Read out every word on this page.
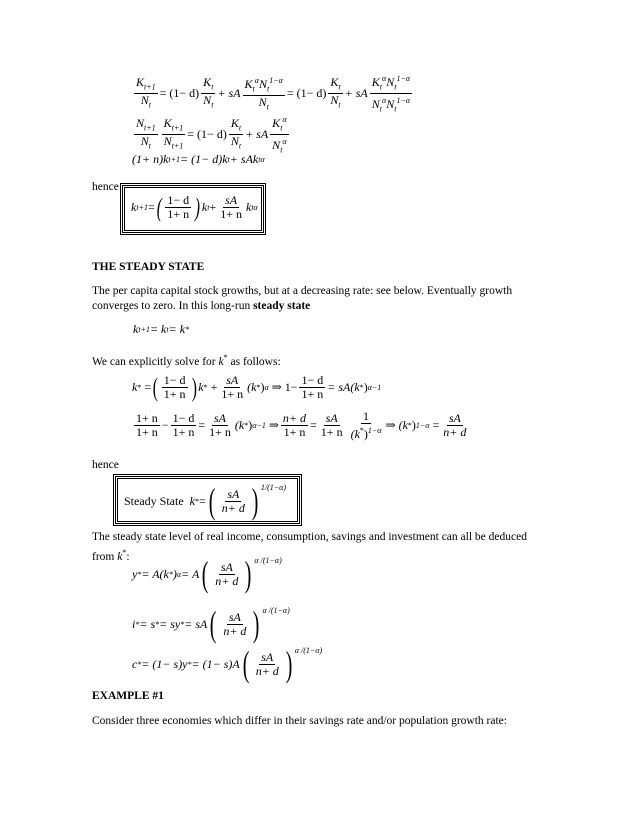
$\frac{K_{t+1}}{N_t} = (1- d) \frac{K_t}{N_t}$ + sA $\frac{K_t^\alpha N_t^{1-\alpha}}{N_t} = (1- d) \frac{K_t}{N_t}$ + sA $\frac{K_t^\alpha N_t^{1-\alpha}}{N_t^\alpha N_t^{1-\alpha}}$
$\frac{N_{t+1}}{N_t} \frac{K_{t+1}}{N_{t+1}} = (1- d) \frac{K_t}{N_t}$ + sA $\frac{K_t^\alpha}{N_t^\alpha}$
(1+ n)k t+1 = (1− d)k t + sAk t α
hence
k t+1 = ( $\frac{1- d}{1+ n}$ ) k $t + \frac{sA}{1+ n}$ k t α
THE STEADY STATE
The per capita capital stock growths, but at a decreasing rate: see below. Eventually growth converges to zero. In this long-run steady state
k t+1 = k t = k *
We can explicitly solve for k* as follows:
k *
= ( $\frac{1- d}{1+ n}$ ) k *
+ $\frac{sA}{1+ n} (k$ * ) α
⇒ $1- \frac{1- d}{1+ n}$ = sA (k * ) α−1
$\frac{1+ n}{1+ n} - \frac{1- d}{1+ n} = \frac{sA}{1+ n} (k$ * ) α−1
⇒ $\frac{n+ d}{1+ n} = \frac{sA}{1+ n} \frac{1}{(k^*)^{1-\alpha}}$ ⇒
(k * ) 1−α
= $\frac{sA}{n+ d}$
hence
Steady State
k * = ( $\frac{sA}{n+ d}$ ) $^{1/(1-\alpha)}$
The steady state level of real income, consumption, savings and investment can all be deduced from k*:
y * = A(k * ) α = A ( $\frac{sA}{n+ d}$ ) $^{\alpha /(1-\alpha)}$
i * = s * = sy * = sA ( $\frac{sA}{n+ d}$ ) $^{\alpha /(1-\alpha)}$
c * = (1− s)y * = (1− s)A ( $\frac{sA}{n+ d}$ ) $^{\alpha /(1-\alpha)}$
EXAMPLE #1
Consider three economies which differ in their savings rate and/or population growth rate:
